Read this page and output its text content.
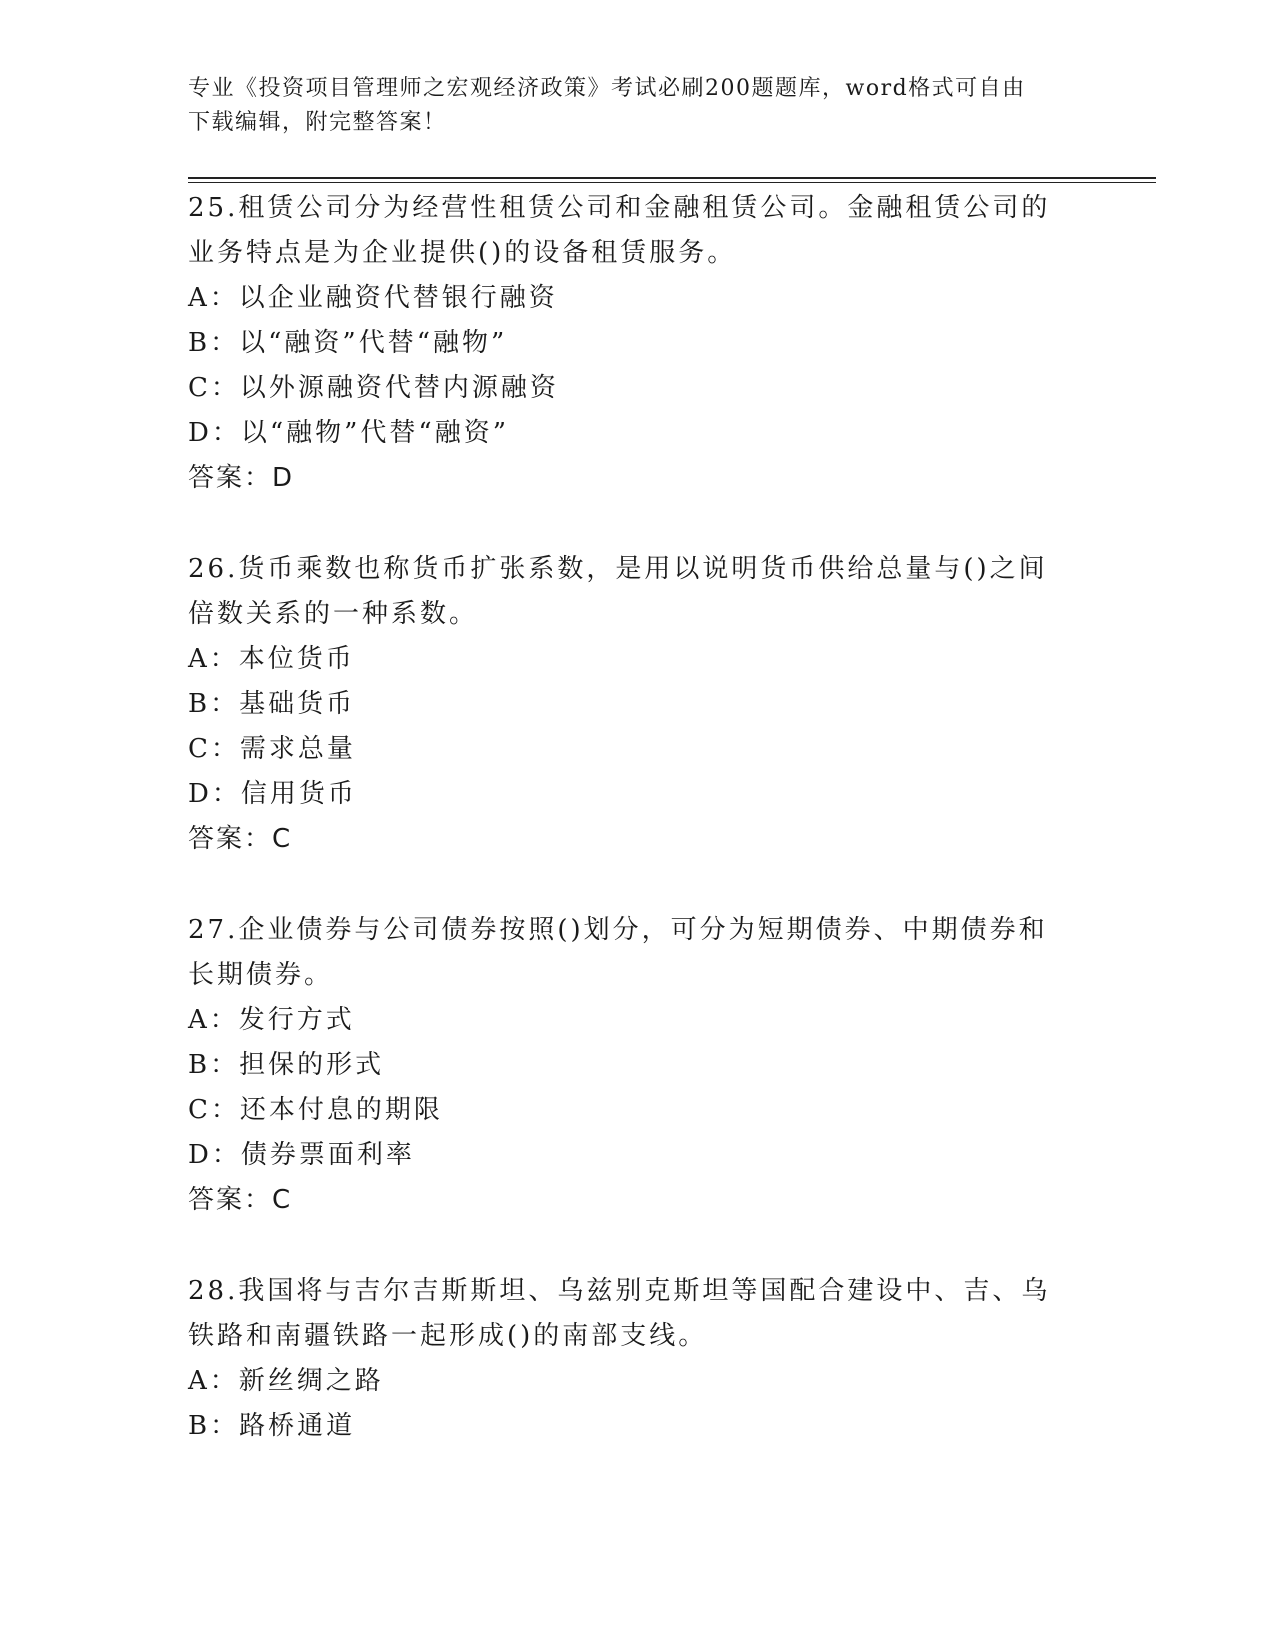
专业《投资项目管理师之宏观经济政策》考试必刷200题题库，word格式可自由
下载编辑，附完整答案！

25.租赁公司分为经营性租赁公司和金融租赁公司。金融租赁公司的业务特点是为企业提供()的设备租赁服务。

A：以企业融资代替银行融资

B：以“融资”代替“融物”

C：以外源融资代替内源融资

D：以“融物”代替“融资”

答案：D

26.货币乘数也称货币扩张系数，是用以说明货币供给总量与()之间倍数关系的一种系数。

A：本位货币

B：基础货币

C：需求总量

D：信用货币

答案：C

27.企业债券与公司债券按照()划分，可分为短期债券、中期债券和长期债券。

A：发行方式

B：担保的形式

C：还本付息的期限

D：债券票面利率

答案：C

28.我国将与吉尔吉斯斯坦、乌兹别克斯坦等国配合建设中、吉、乌铁路和南疆铁路一起形成()的南部支线。

A：新丝绸之路

B：路桥通道
